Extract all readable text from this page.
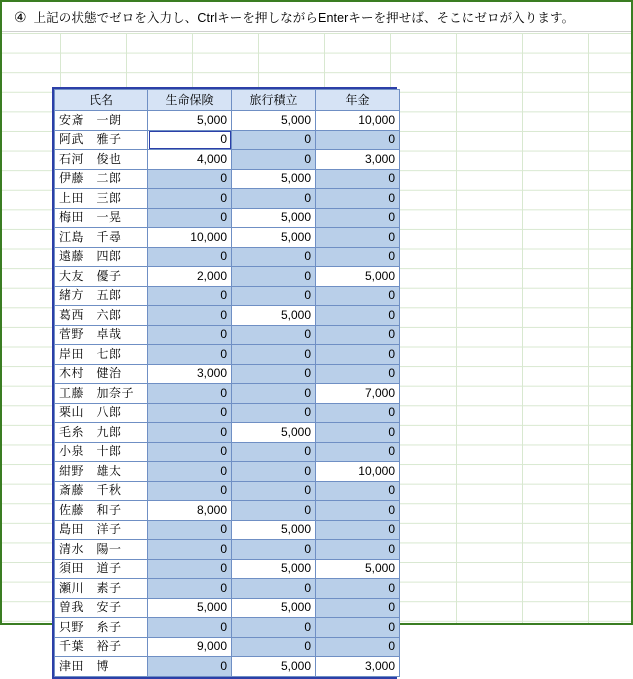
④ 上記の状態でゼロを入力し、Ctrlキーを押しながらEnterキーを押せば、そこにゼロが入ります。
氏名	生命保険	旅行積立	年金
安斎　一朗	5,000	5,000	10,000
阿武　雅子	0	0	0
石河　俊也	4,000	0	3,000
伊藤　二郎	0	5,000	0
上田　三郎	0	0	0
梅田　一晃	0	5,000	0
江島　千尋	10,000	5,000	0
遠藤　四郎	0	0	0
大友　優子	2,000	0	5,000
緒方　五郎	0	0	0
葛西　六郎	0	5,000	0
菅野　卓哉	0	0	0
岸田　七郎	0	0	0
木村　健治	3,000	0	0
工藤　加奈子	0	0	7,000
栗山　八郎	0	0	0
毛糸　九郎	0	5,000	0
小泉　十郎	0	0	0
紺野　雄太	0	0	10,000
斎藤　千秋	0	0	0
佐藤　和子	8,000	0	0
島田　洋子	0	5,000	0
清水　陽一	0	0	0
須田　道子	0	5,000	5,000
瀬川　素子	0	0	0
曽我　安子	5,000	5,000	0
只野　糸子	0	0	0
千葉　裕子	9,000	0	0
津田　博	0	5,000	3,000
